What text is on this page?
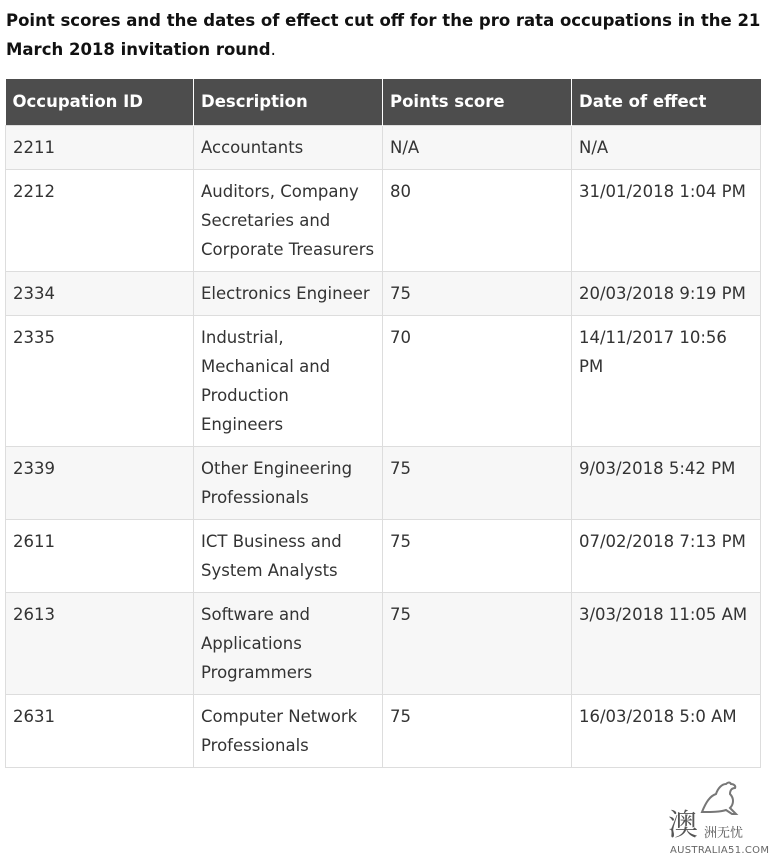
Point scores and the dates of effect cut off for the pro rata occupations in the 21 March 2018 invitation round.

Occupation ID	Description	Points score	Date of effect
2211	Accountants	N/A	N/A
2212	Auditors, Company Secretaries and Corporate Treasurers	80	31/01/2018 1:04 PM
2334	Electronics Engineer	75	20/03/2018 9:19 PM
2335	Industrial, Mechanical and Production Engineers	70	14/11/2017 10:56 PM
2339	Other Engineering Professionals	75	9/03/2018 5:42 PM
2611	ICT Business and System Analysts	75	07/02/2018 7:13 PM
2613	Software and Applications Programmers	75	3/03/2018 11:05 AM
2631	Computer Network Professionals	75	16/03/2018 5:0 AM
澳 洲无忧
AUSTRALIA51.COM
